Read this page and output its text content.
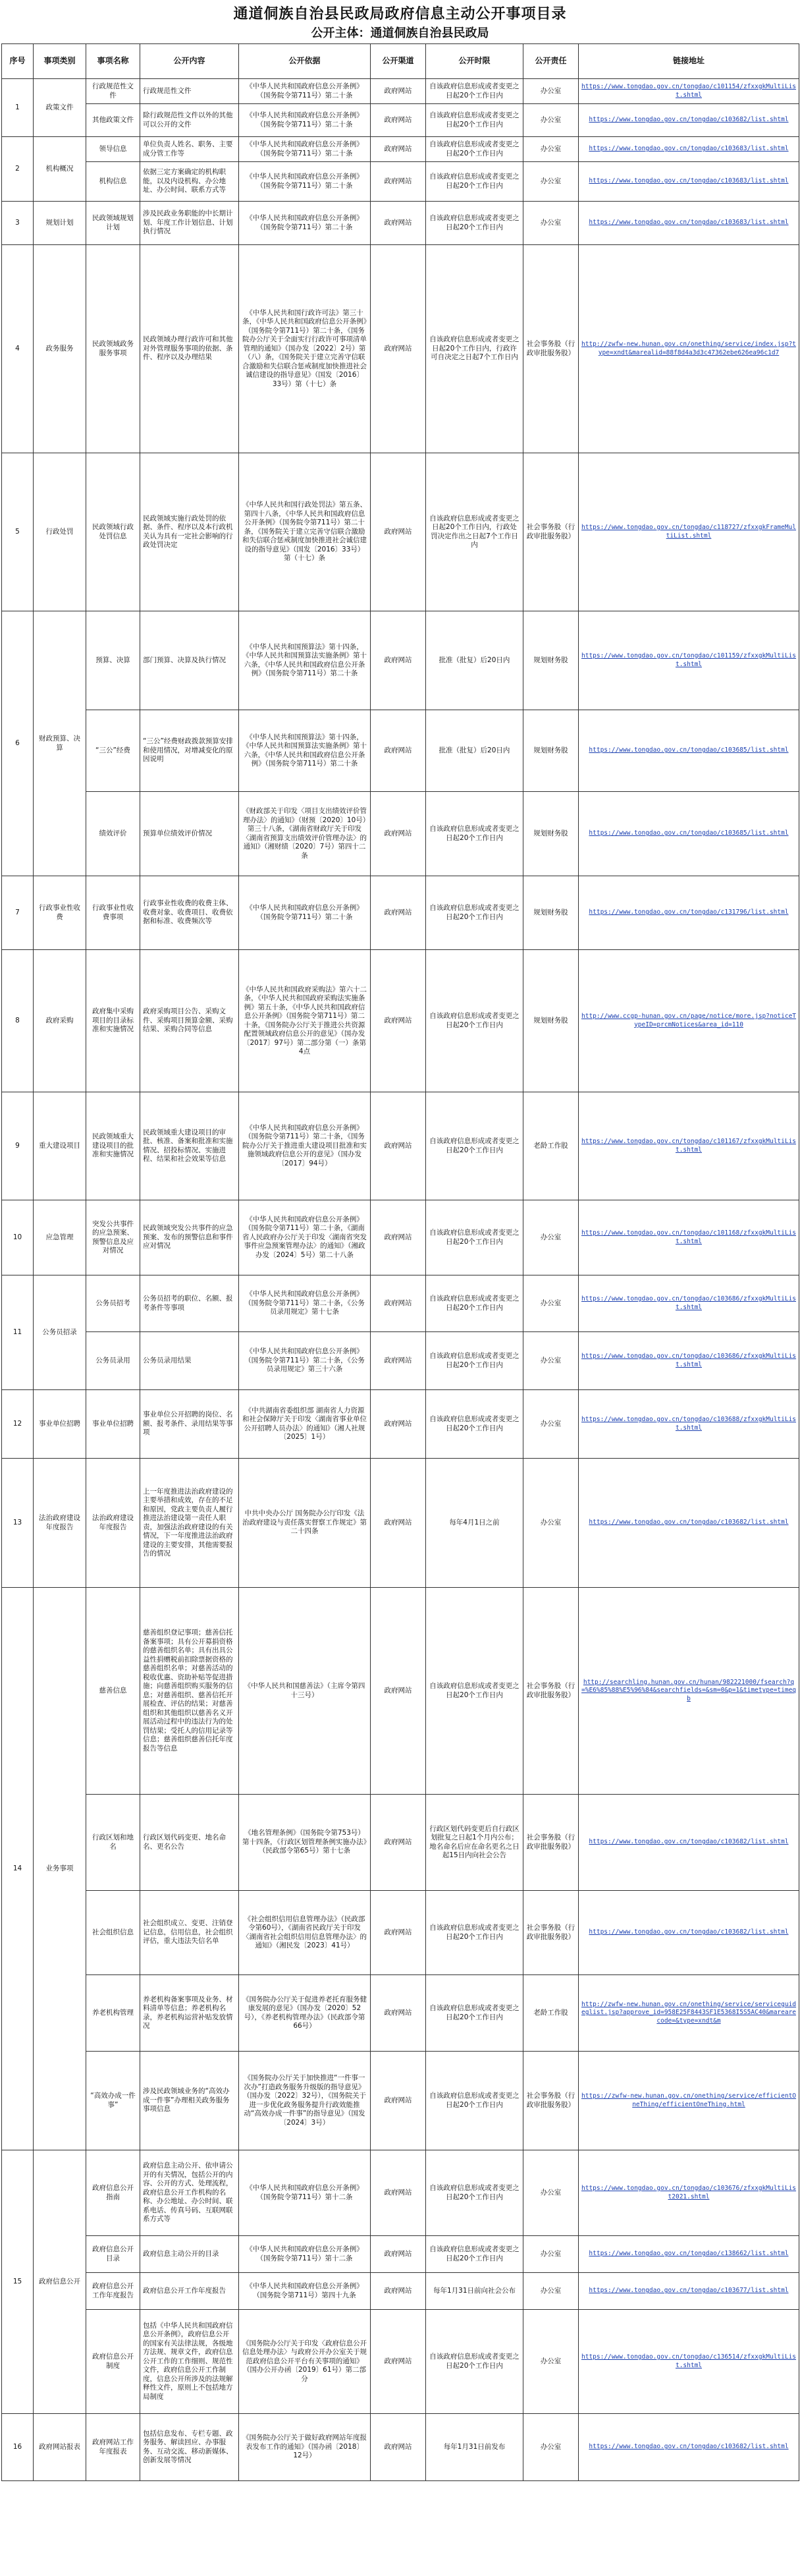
通道侗族自治县民政局政府信息主动公开事项目录
公开主体：通道侗族自治县民政局
序号	事项类别	事项名称	公开内容	公开依据	公开渠道	公开时限	公开责任	链接地址
1	政策文件	行政规范性文件	行政规范性文件	《中华人民共和国政府信息公开条例》（国务院令第711号）第二十条	政府网站	自该政府信息形成或者变更之日起20个工作日内	办公室	https://www.tongdao.gov.cn/tongdao/c101154/zfxxgkMultiList.shtml
		其他政策文件	除行政规范性文件以外的其他可以公开的文件	《中华人民共和国政府信息公开条例》（国务院令第711号）第二十条	政府网站	自该政府信息形成或者变更之日起20个工作日内	办公室	https://www.tongdao.gov.cn/tongdao/c103682/list.shtml
2	机构概况	领导信息	单位负责人姓名、职务、主要成分管工作等	《中华人民共和国政府信息公开条例》（国务院令第711号）第二十条	政府网站	自该政府信息形成或者变更之日起20个工作日内	办公室	https://www.tongdao.gov.cn/tongdao/c103683/list.shtml
		机构信息	依据三定方案确定的机构职能，以及内设机构、办公地址、办公时间、联系方式等	《中华人民共和国政府信息公开条例》（国务院令第711号）第二十条	政府网站	自该政府信息形成或者变更之日起20个工作日内	办公室	https://www.tongdao.gov.cn/tongdao/c103683/list.shtml
3	规划计划	民政领域规划计划	涉及民政业务职能的中长期计划、年度工作计划信息、计划执行情况	《中华人民共和国政府信息公开条例》（国务院令第711号）第二十条	政府网站	自该政府信息形成或者变更之日起20个工作日内	办公室	https://www.tongdao.gov.cn/tongdao/c103683/list.shtml
4	政务服务	民政领域政务服务事项	民政领域办理行政许可和其他对外管理服务事项的依据、条件、程序以及办理结果	《中华人民共和国行政许可法》第三十条，《中华人民共和国政府信息公开条例》（国务院令第711号）第二十条，《国务院办公厅关于全面实行行政许可事项清单管理的通知》（国办发〔2022〕2号）第（八）条，《国务院关于建立完善守信联合激励和失信联合惩戒制度加快推进社会诚信建设的指导意见》（国发〔2016〕33号）第（十七）条	政府网站	自该政府信息形成或者变更之日起20个工作日内，行政许可自决定之日起7个工作日内	社会事务股（行政审批服务股）	http://zwfw-new.hunan.gov.cn/onething/service/index.jsp?type=xndt&marealid=88f8d4a3d3c47362ebe626ea96c1d7
5	行政处罚	民政领域行政处罚信息	民政领域实施行政处罚的依据、条件、程序以及本行政机关认为具有一定社会影响的行政处罚决定	《中华人民共和国行政处罚法》第五条、第四十八条，《中华人民共和国政府信息公开条例》（国务院令第711号）第二十条，《国务院关于建立完善守信联合激励和失信联合惩戒制度加快推进社会诚信建设的指导意见》（国发〔2016〕33号）第（十七）条	政府网站	自该政府信息形成或者变更之日起20个工作日内，行政处罚决定作出之日起7个工作日内	社会事务股（行政审批服务股）	https://www.tongdao.gov.cn/tongdao/c118727/zfxxgkFrameMultiList.shtml
6	财政预算、决算	预算、决算	部门预算、决算及执行情况	《中华人民共和国预算法》第十四条，《中华人民共和国预算法实施条例》第十六条，《中华人民共和国政府信息公开条例》（国务院令第711号）第二十条	政府网站	批准（批复）后20日内	规划财务股	https://www.tongdao.gov.cn/tongdao/c101159/zfxxgkMultiList.shtml
		“三公”经费	“三公”经费财政拨款预算安排和使用情况，对增减变化的原因说明	《中华人民共和国预算法》第十四条，《中华人民共和国预算法实施条例》第十六条，《中华人民共和国政府信息公开条例》（国务院令第711号）第二十条	政府网站	批准（批复）后20日内	规划财务股	https://www.tongdao.gov.cn/tongdao/c103685/list.shtml
		绩效评价	预算单位绩效评价情况	《财政部关于印发〈项目支出绩效评价管理办法〉的通知》（财预〔2020〕10号）第三十八条，《湖南省财政厅关于印发〈湖南省预算支出绩效评价管理办法〉的通知》（湘财绩〔2020〕7号）第四十二条	政府网站	自该政府信息形成或者变更之日起20个工作日内	规划财务股	https://www.tongdao.gov.cn/tongdao/c103685/list.shtml
7	行政事业性收费	行政事业性收费事项	行政事业性收费的收费主体、收费对象、收费项目、收费依据和标准、收费频次等	《中华人民共和国政府信息公开条例》（国务院令第711号）第二十条	政府网站	自该政府信息形成或者变更之日起20个工作日内	规划财务股	https://www.tongdao.gov.cn/tongdao/c131796/list.shtml
8	政府采购	政府集中采购项目的目录标准和实施情况	政府采购项目公告、采购文件、采购项目预算金额、采购结果、采购合同等信息	《中华人民共和国政府采购法》第六十二条，《中华人民共和国政府采购法实施条例》第五十条，《中华人民共和国政府信息公开条例》（国务院令第711号）第二十条，《国务院办公厅关于推进公共资源配置领域政府信息公开的意见》（国办发〔2017〕97号）第二部分第（一）条第4点	政府网站	自该政府信息形成或者变更之日起20个工作日内	规划财务股	http://www.ccgp-hunan.gov.cn/page/notice/more.jsp?noticeTypeID=prcmNotices&area_id=110
9	重大建设项目	民政领域重大建设项目的批准和实施情况	民政领域重大建设项目的审批、核准、备案和批准和实施情况、招投标情况、实施进程、结果和社会效果等信息	《中华人民共和国政府信息公开条例》（国务院令第711号）第二十条，《国务院办公厅关于推进重大建设项目批准和实施领域政府信息公开的意见》（国办发〔2017〕94号）	政府网站	自该政府信息形成或者变更之日起20个工作日内	老龄工作股	https://www.tongdao.gov.cn/tongdao/c101167/zfxxgkMultiList.shtml
10	应急管理	突发公共事件的应急预案、预警信息及应对情况	民政领域突发公共事件的应急预案、发布的预警信息和事件应对情况	《中华人民共和国政府信息公开条例》（国务院令第711号）第二十条，《湖南省人民政府办公厅关于印发〈湖南省突发事件应急预案管理办法〉的通知》（湘政办发〔2024〕5号）第二十八条	政府网站	自该政府信息形成或者变更之日起20个工作日内	办公室	https://www.tongdao.gov.cn/tongdao/c101168/zfxxgkMultiList.shtml
11	公务员招录	公务员招考	公务员招考的职位、名额、报考条件等事项	《中华人民共和国政府信息公开条例》（国务院令第711号）第二十条，《公务员录用规定》第十七条	政府网站	自该政府信息形成或者变更之日起20个工作日内	办公室	https://www.tongdao.gov.cn/tongdao/c103686/zfxxgkMultiList.shtml
		公务员录用	公务员录用结果	《中华人民共和国政府信息公开条例》（国务院令第711号）第二十条，《公务员录用规定》第三十六条	政府网站	自该政府信息形成或者变更之日起20个工作日内	办公室	https://www.tongdao.gov.cn/tongdao/c103686/zfxxgkMultiList.shtml
12	事业单位招聘	事业单位招聘	事业单位公开招聘的岗位、名额、报考条件、录用结果等事项	《中共湖南省委组织部 湖南省人力资源和社会保障厅关于印发〈湖南省事业单位公开招聘人员办法〉的通知》（湘人社规〔2025〕1号）	政府网站	自该政府信息形成或者变更之日起20个工作日内	办公室	https://www.tongdao.gov.cn/tongdao/c103688/zfxxgkMultiList.shtml
13	法治政府建设年度报告	法治政府建设年度报告	上一年度推进法治政府建设的主要举措和成效，存在的不足和原因，党政主要负责人履行推进法治建设第一责任人职责，加强法治政府建设的有关情况，下一年度推进法治政府建设的主要安排，其他需要报告的情况	中共中央办公厅 国务院办公厅印发《法治政府建设与责任落实督察工作规定》第二十四条	政府网站	每年4月1日之前	办公室	https://www.tongdao.gov.cn/tongdao/c103682/list.shtml
14	业务事项	慈善信息	慈善组织登记事项；慈善信托备案事项；具有公开募捐资格的慈善组织名单；具有出具公益性捐赠税前扣除票据资格的慈善组织名单；对慈善活动的税收优惠、资助补贴等促进措施；向慈善组织购买服务的信息；对慈善组织、慈善信托开展检查、评估的结果；对慈善组织和其他组织以慈善名义开展活动过程中的违法行为的处罚结果；受托人的信用记录等信息；慈善组织慈善信托年度报告等信息	《中华人民共和国慈善法》（主席令第四十三号）	政府网站	自该政府信息形成或者变更之日起20个工作日内	社会事务股（行政审批服务股）	http://searchling.hunan.gov.cn/hunan/982221000/fsearch?q=%E6%85%88%E5%96%84&searchfields=&sm=0&p=1&timetype=timeqb
		行政区划和地名	行政区划代码变更、地名命名、更名公告	《地名管理条例》（国务院令第753号）第十四条，《行政区划管理条例实施办法》（民政部令第65号）第十七条	政府网站	行政区划代码变更后自行政区划批复之日起1个月内公布；地名命名后应在命名更名之日起15日内向社会公告	社会事务股（行政审批服务股）	https://www.tongdao.gov.cn/tongdao/c103682/list.shtml
		社会组织信息	社会组织成立、变更、注销登记信息，信用信息，社会组织评估，重大违法失信名单	《社会组织信用信息管理办法》（民政部令第60号），《湖南省民政厅关于印发〈湖南省社会组织信用信息管理办法〉的通知》（湘民发〔2023〕41号）	政府网站	自该政府信息形成或者变更之日起20个工作日内	社会事务股（行政审批服务股）	https://www.tongdao.gov.cn/tongdao/c103682/list.shtml
		养老机构管理	养老机构备案事项及业务、材料清单等信息；养老机构名录，养老机构运营补贴发放情况	《国务院办公厅关于促进养老托育服务健康发展的意见》（国办发〔2020〕52号），《养老机构管理办法》（民政部令第66号）	政府网站	自该政府信息形成或者变更之日起20个工作日内	老龄工作股	http://zwfw-new.hunan.gov.cn/onething/service/serviceguideglist.jsp?approve_id=958E25F8443SF1E5368I5S5AC40&marearecode=&type=xndt&m
		“高效办成一件事”	涉及民政领域业务的“高效办成一件事”办理相关政务服务事项信息	《国务院办公厅关于加快推进“一件事一次办”打造政务服务升级版的指导意见》（国办发〔2022〕32号），《国务院关于进一步优化政务服务提升行政效能推动“高效办成一件事”的指导意见》（国发〔2024〕3号）	政府网站	自该政府信息形成或者变更之日起20个工作日内	社会事务股（行政审批服务股）	https://zwfw-new.hunan.gov.cn/onething/service/efficientOneThing/efficientOneThing.html
15	政府信息公开	政府信息公开指南	政府信息主动公开、依申请公开的有关情况，包括公开的内容、公开的方式、处理流程，政府信息公开工作机构的名称、办公地址、办公时间、联系电话、传真号码、互联网联系方式等	《中华人民共和国政府信息公开条例》（国务院令第711号）第十二条	政府网站	自该政府信息形成或者变更之日起20个工作日内	办公室	https://www.tongdao.gov.cn/tongdao/c103676/zfxxgkMultiList2021.shtml
		政府信息公开目录	政府信息主动公开的目录	《中华人民共和国政府信息公开条例》（国务院令第711号）第十二条	政府网站	自该政府信息形成或者变更之日起20个工作日内	办公室	https://www.tongdao.gov.cn/tongdao/c138662/list.shtml
		政府信息公开工作年度报告	政府信息公开工作年度报告	《中华人民共和国政府信息公开条例》（国务院令第711号）第四十九条	政府网站	每年1月31日前向社会公布	办公室	https://www.tongdao.gov.cn/tongdao/c103677/list.shtml
		政府信息公开制度	包括《中华人民共和国政府信息公开条例》，政府信息公开的国家有关法律法规，各级地方法规、规章文件，政府信息公开工作的工作细则、规范性文件，政府信息公开工作制度，信息公开所涉及的法规解释性文件，原则上不包括地方局制度	《国务院办公厅关于印发〈政府信息公开信息处理办法〉与政府公开办公室关于规范政府信息公开平台有关事项的通知》（国办公开办函〔2019〕61号）第二部分	政府网站	自该政府信息形成或者变更之日起20个工作日内	办公室	https://www.tongdao.gov.cn/tongdao/c136514/zfxxgkMultiList.shtml
16	政府网站报表	政府网站工作年度报表	包括信息发布、专栏专题、政务服务、解读回应、办事服务、互动交流、移动新媒体、创新发展等情况	《国务院办公厅关于做好政府网站年度报表发布工作的通知》（国办函〔2018〕12号）	政府网站	每年1月31日前发布	办公室	https://www.tongdao.gov.cn/tongdao/c103682/list.shtml
